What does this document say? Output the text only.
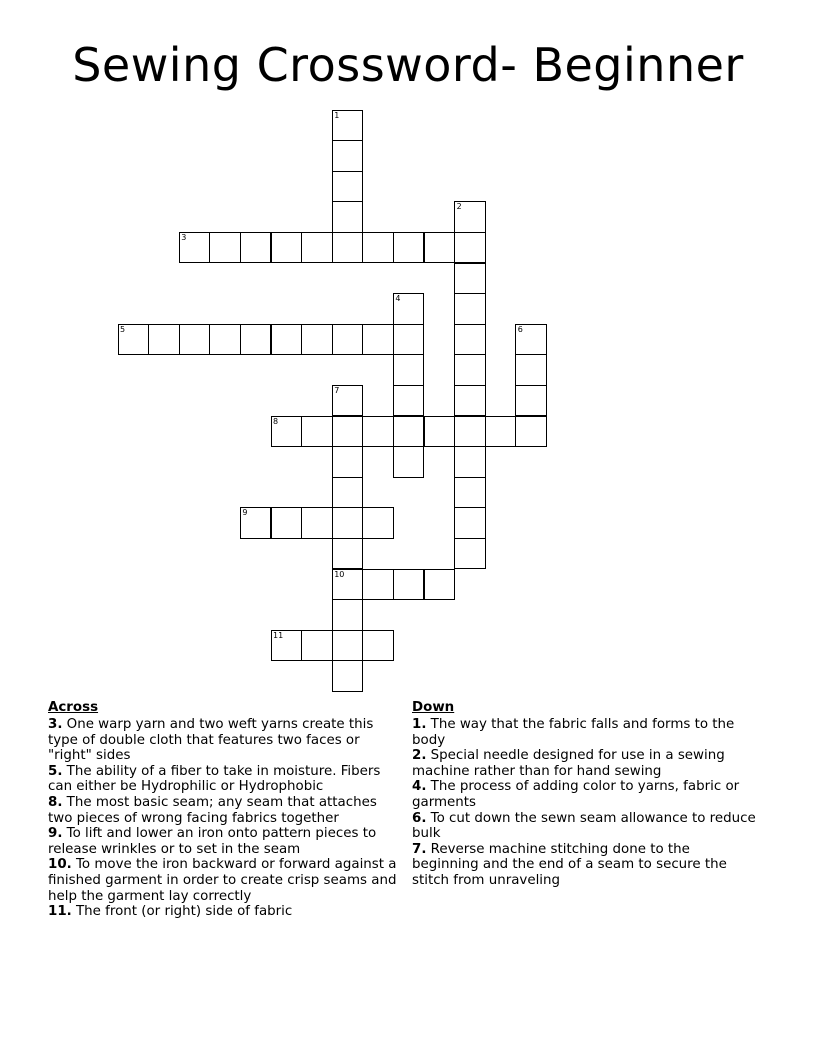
Sewing Crossword- Beginner
1
2
3
4
5	6
7
10
8
9
11
Across
3. One warp yarn and two weft yarns create this type of double cloth that features two faces or "right" sides
5. The ability of a fiber to take in moisture. Fibers can either be Hydrophilic or Hydrophobic
8. The most basic seam; any seam that attaches two pieces of wrong facing fabrics together
9. To lift and lower an iron onto pattern pieces to release wrinkles or to set in the seam
10. To move the iron backward or forward against a finished garment in order to create crisp seams and help the garment lay correctly
11. The front (or right) side of fabric
Down
1. The way that the fabric falls and forms to the body
2. Special needle designed for use in a sewing machine rather than for hand sewing
4. The process of adding color to yarns, fabric or garments
6. To cut down the sewn seam allowance to reduce bulk
7. Reverse machine stitching done to the beginning and the end of a seam to secure the stitch from unraveling
